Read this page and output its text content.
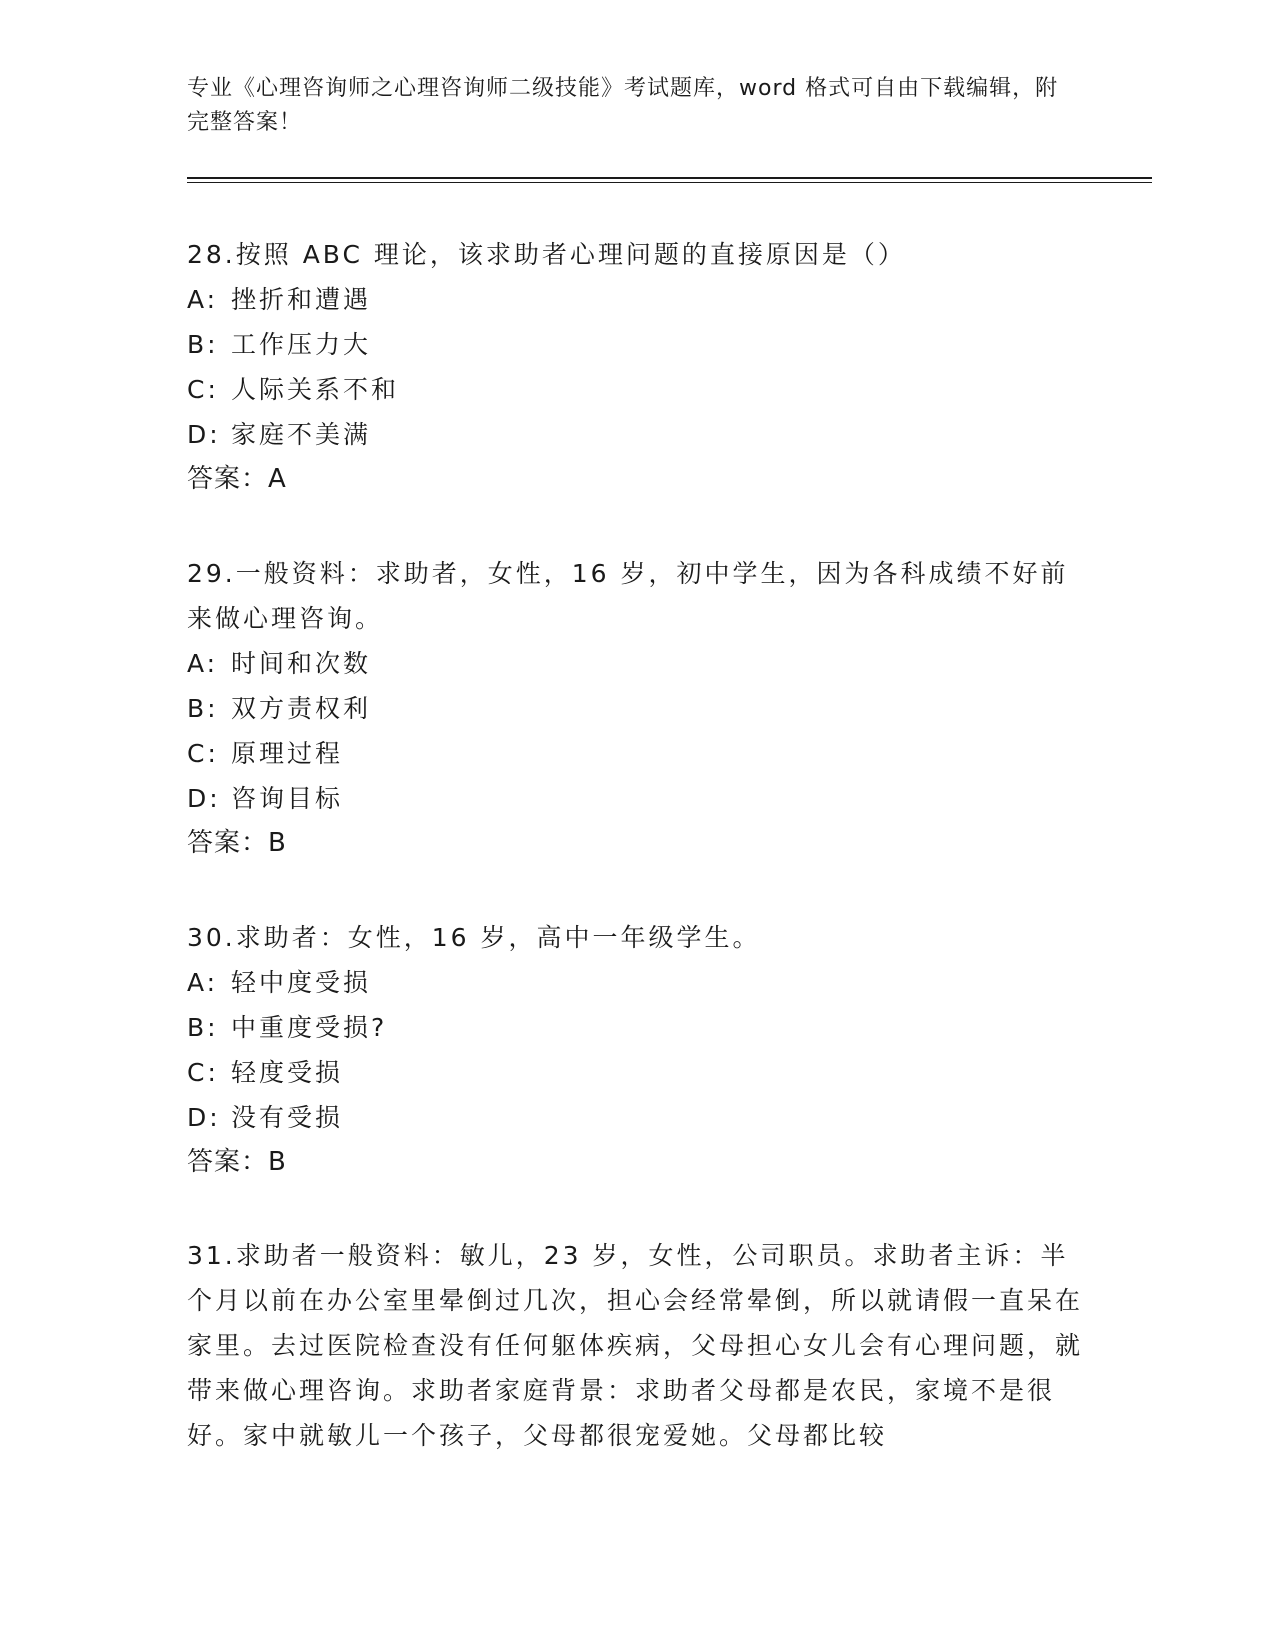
专业《心理咨询师之心理咨询师二级技能》考试题库，word 格式可自由下载编辑，附完整答案！
28.按照 ABC 理论，该求助者心理问题的直接原因是（）
A: 挫折和遭遇
B: 工作压力大
C: 人际关系不和
D: 家庭不美满
答案：A
29.一般资料：求助者，女性，16 岁，初中学生，因为各科成绩不好前来做心理咨询。
A: 时间和次数
B: 双方责权利
C: 原理过程
D: 咨询目标
答案：B
30.求助者：女性，16 岁，高中一年级学生。
A: 轻中度受损
B: 中重度受损?
C: 轻度受损
D: 没有受损
答案：B
31.求助者一般资料：敏儿，23 岁，女性，公司职员。求助者主诉：半个月以前在办公室里晕倒过几次，担心会经常晕倒，所以就请假一直呆在家里。去过医院检查没有任何躯体疾病，父母担心女儿会有心理问题，就带来做心理咨询。求助者家庭背景：求助者父母都是农民，家境不是很好。家中就敏儿一个孩子，父母都很宠爱她。父母都比较
